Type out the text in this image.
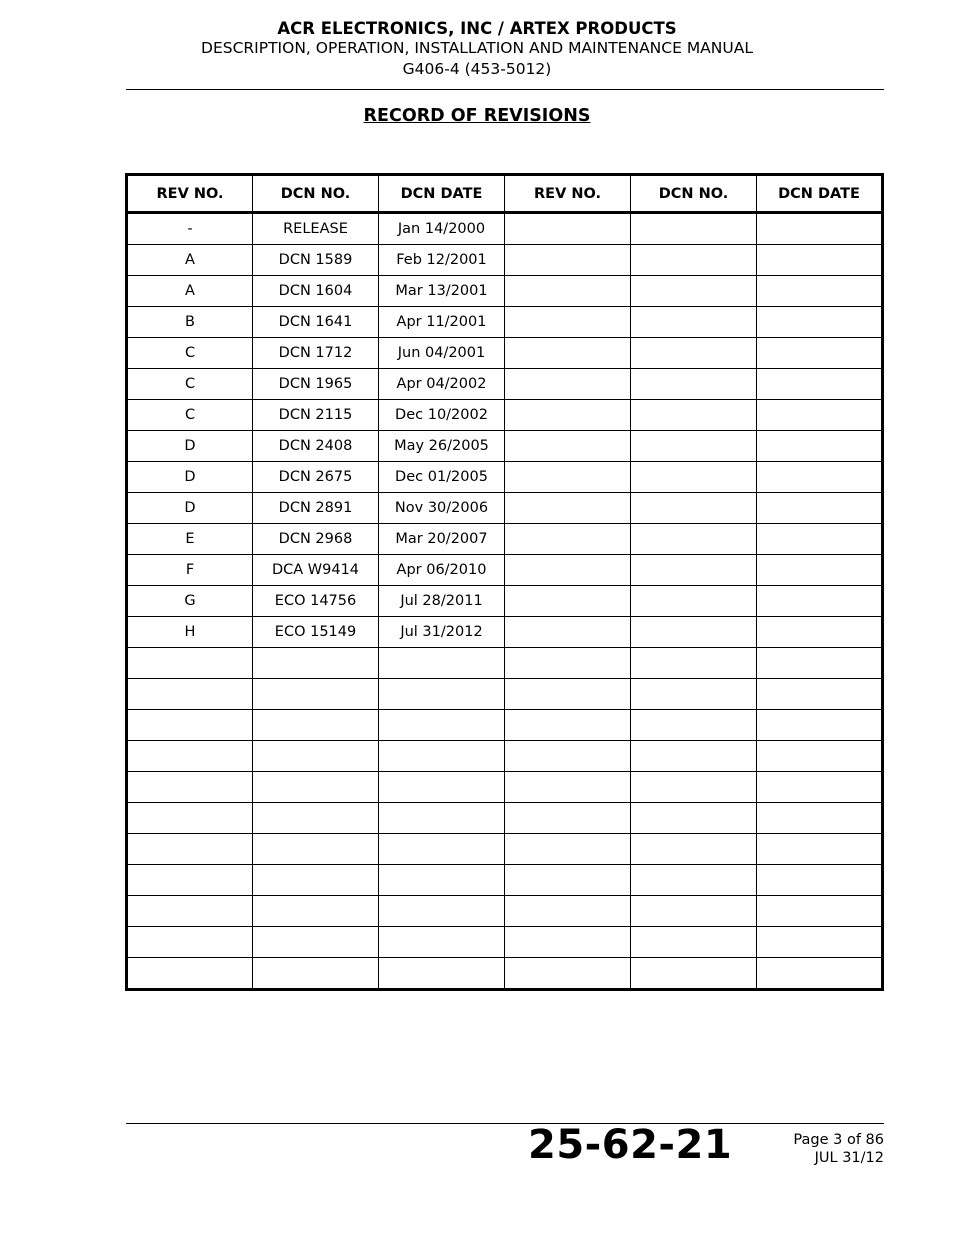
ACR ELECTRONICS, INC / ARTEX PRODUCTS
DESCRIPTION, OPERATION, INSTALLATION AND MAINTENANCE MANUAL
G406-4 (453-5012)
RECORD OF REVISIONS
REV NO.	DCN NO.	DCN DATE	REV NO.	DCN NO.	DCN DATE
-	RELEASE	Jan 14/2000			
A	DCN 1589	Feb 12/2001			
A	DCN 1604	Mar 13/2001			
B	DCN 1641	Apr 11/2001			
C	DCN 1712	Jun 04/2001			
C	DCN 1965	Apr 04/2002			
C	DCN 2115	Dec 10/2002			
D	DCN 2408	May 26/2005			
D	DCN 2675	Dec 01/2005			
D	DCN 2891	Nov 30/2006			
E	DCN 2968	Mar 20/2007			
F	DCA W9414	Apr 06/2010			
G	ECO 14756	Jul 28/2011			
H	ECO 15149	Jul 31/2012			

25-62-21	Page 3 of 86
JUL 31/12
